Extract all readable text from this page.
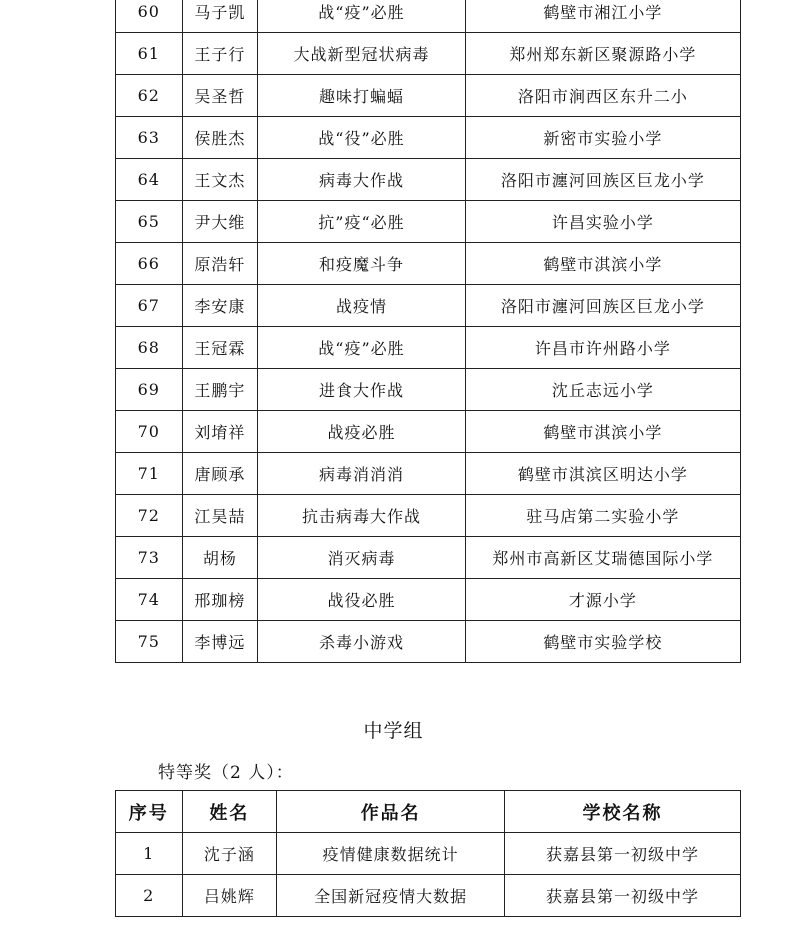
60	马子凯	战“疫”必胜	鹤壁市湘江小学
61	王子行	大战新型冠状病毒	郑州郑东新区聚源路小学
62	吴圣哲	趣味打蝙蝠	洛阳市涧西区东升二小
63	侯胜杰	战“役”必胜	新密市实验小学
64	王文杰	病毒大作战	洛阳市瀍河回族区巨龙小学
65	尹大维	抗”疫“必胜	许昌实验小学
66	原浩轩	和疫魔斗争	鹤壁市淇滨小学
67	李安康	战疫情	洛阳市瀍河回族区巨龙小学
68	王冠霖	战“疫”必胜	许昌市许州路小学
69	王鹏宇	进食大作战	沈丘志远小学
70	刘堉祥	战疫必胜	鹤壁市淇滨小学
71	唐顾承	病毒消消消	鹤壁市淇滨区明达小学
72	江昊喆	抗击病毒大作战	驻马店第二实验小学
73	胡杨	消灭病毒	郑州市高新区艾瑞德国际小学
74	邢珈榜	战役必胜	才源小学
75	李博远	杀毒小游戏	鹤壁市实验学校
中学组
特等奖（2 人）：
序号	姓名	作品名	学校名称
1	沈子涵	疫情健康数据统计	获嘉县第一初级中学
2	吕姚辉	全国新冠疫情大数据	获嘉县第一初级中学
